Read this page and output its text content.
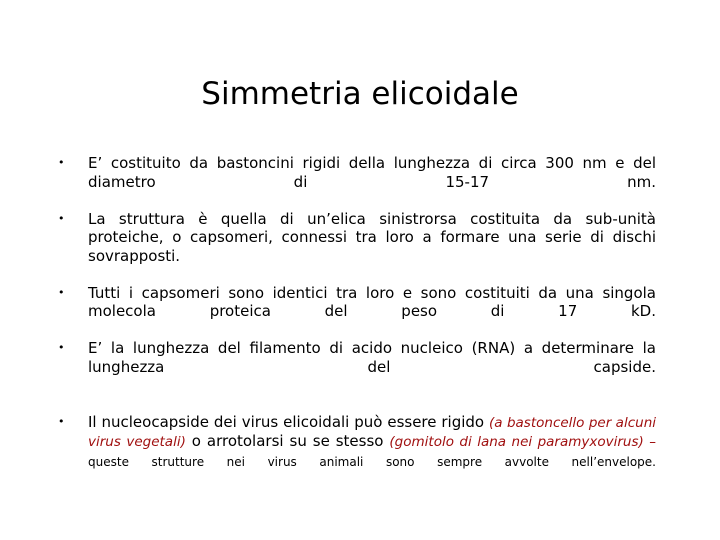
Simmetria elicoidale
• E’ costituito da bastoncini rigidi della lunghezza di circa 300 nm e del diametro di 15-17 nm.
• La struttura è quella di un’elica sinistrorsa costituita da sub-unità proteiche, o capsomeri, connessi tra loro a formare una serie di dischi sovrapposti.
• Tutti i capsomeri sono identici tra loro e sono costituiti da una singola molecola proteica del peso di 17 kD.
• E’ la lunghezza del filamento di acido nucleico (RNA) a determinare la lunghezza del capside.
• Il nucleocapside dei virus elicoidali può essere rigido (a bastoncello per alcuni virus vegetali) o arrotolarsi su se stesso (gomitolo di lana nei paramyxovirus) – queste strutture nei virus animali sono sempre avvolte nell’envelope.
